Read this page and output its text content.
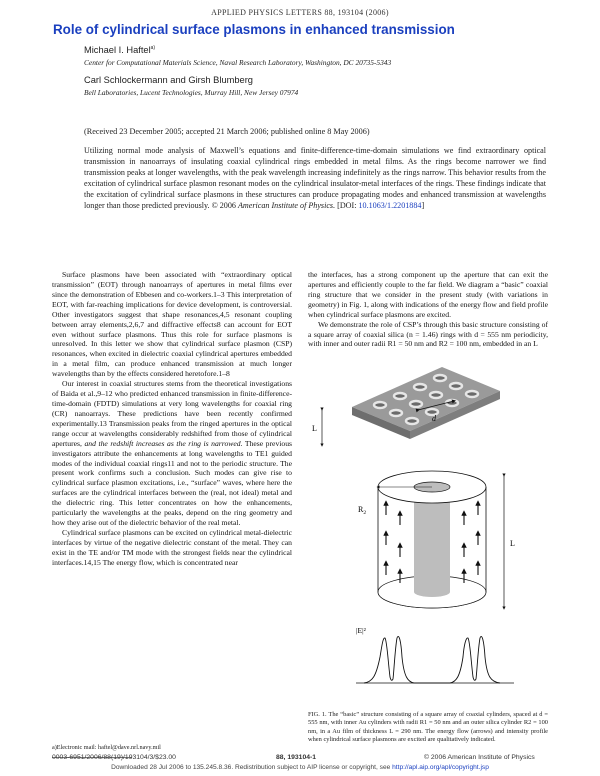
APPLIED PHYSICS LETTERS 88, 193104 (2006)
Role of cylindrical surface plasmons in enhanced transmission
Michael I. Haftel$^{a)}$
Center for Computational Materials Science, Naval Research Laboratory, Washington, DC 20735-5343
Carl Schlockermann and Girsh Blumberg
Bell Laboratories, Lucent Technologies, Murray Hill, New Jersey 07974
(Received 23 December 2005; accepted 21 March 2006; published online 8 May 2006)
Utilizing normal mode analysis of Maxwell’s equations and finite-difference-time-domain simulations we find extraordinary optical transmission in nanoarrays of insulating coaxial cylindrical rings embedded in metal films. As the rings become narrower we find transmission peaks at longer wavelengths, with the peak wavelength increasing indefinitely as the rings narrow. This behavior results from the excitation of cylindrical surface plasmon resonant modes on the cylindrical insulator-metal interfaces of the rings. These findings indicate that the excitation of cylindrical surface plasmons in these structures can produce propagating modes and enhanced transmission at wavelengths longer than those predicted previously. © 2006 American Institute of Physics. [DOI: 10.1063/1.2201884]

Surface plasmons have been associated with “extraordinary optical transmission” (EOT) through nanoarrays of apertures in metal films ever since the demonstration of Ebbesen and co-workers.1–3 This interpretation of EOT, with far-reaching implications for device development, is controversial. Other investigators suggest that shape resonances,4,5 resonant coupling between array elements,2,6,7 and diffractive effects8 can account for EOT even without surface plasmons. Thus this role for surface plasmons is unresolved. In this letter we show that cylindrical surface plasmon (CSP) resonances, when excited in dielectric coaxial cylindrical apertures embedded in a metal film, can produce enhanced transmission at much longer wavelengths than by the effects considered heretofore.1–8

Our interest in coaxial structures stems from the theoretical investigations of Baida et al.,9–12 who predicted enhanced transmission in finite-difference-time-domain (FDTD) simulations at very long wavelengths for coaxial ring (CR) nanoarrays. These predictions have been recently confirmed experimentally.13 Transmission peaks from the ringed apertures in the optical range occur at wavelengths considerably redshifted from those of cylindrical apertures, and the redshift increases as the ring is narrowed. These previous investigators attribute the enhancements at long wavelengths to TE1 guided modes of the individual coaxial rings11 and not to the periodic structure. The present work confirms such a conclusion. Such modes can give rise to cylindrical surface plasmon excitations, i.e., “surface” waves, where here the surfaces are the cylindrical interfaces between the (real, not ideal) metal and the dielectric ring. This letter concentrates on how the enhancements, particularly the wavelengths at the peaks, depend on the ring geometry and how they arise out of the dielectric behavior of the real metal.

Cylindrical surface plasmons can be excited on cylindrical metal-dielectric interfaces by virtue of the negative dielectric constant of the metal. They can exist in the TE and/or TM mode with the strongest fields near the cylindrical interfaces.14,15 The energy flow, which is concentrated near

the interfaces, has a strong component up the aperture that can exit the apertures and efficiently couple to the far field. We diagram a “basic” coaxial ring structure that we consider in the present study (with variations in geometry) in Fig. 1, along with indications of the energy flow and field profile when cylindrical surface plasmons are excited.

We demonstrate the role of CSP’s through this basic structure consisting of a square array of coaxial silica (n = 1.46) rings with d = 555 nm periodicity, with inner and outer radii R1 = 50 nm and R2 = 100 nm, embedded in an L

d
L
$R_2$
L
|E|²
FIG. 1. The “basic” structure consisting of a square array of coaxial cylinders, spaced at d = 555 nm, with inner Au cylinders with radii R1 = 50 nm and an outer silica cylinder R2 = 100 nm, in a Au film of thickness L = 290 nm. The energy flow (arrows) and intensity profile when cylindrical surface plasmons are excited are qualitatively indicated.
a)Electronic mail: haftel@dave.nrl.navy.mil
0003-6951/2006/88(19)/193104/3/$23.00	88, 193104-1	© 2006 American Institute of Physics
Downloaded 28 Jul 2006 to 135.245.8.36. Redistribution subject to AIP license or copyright, see http://apl.aip.org/apl/copyright.jsp
